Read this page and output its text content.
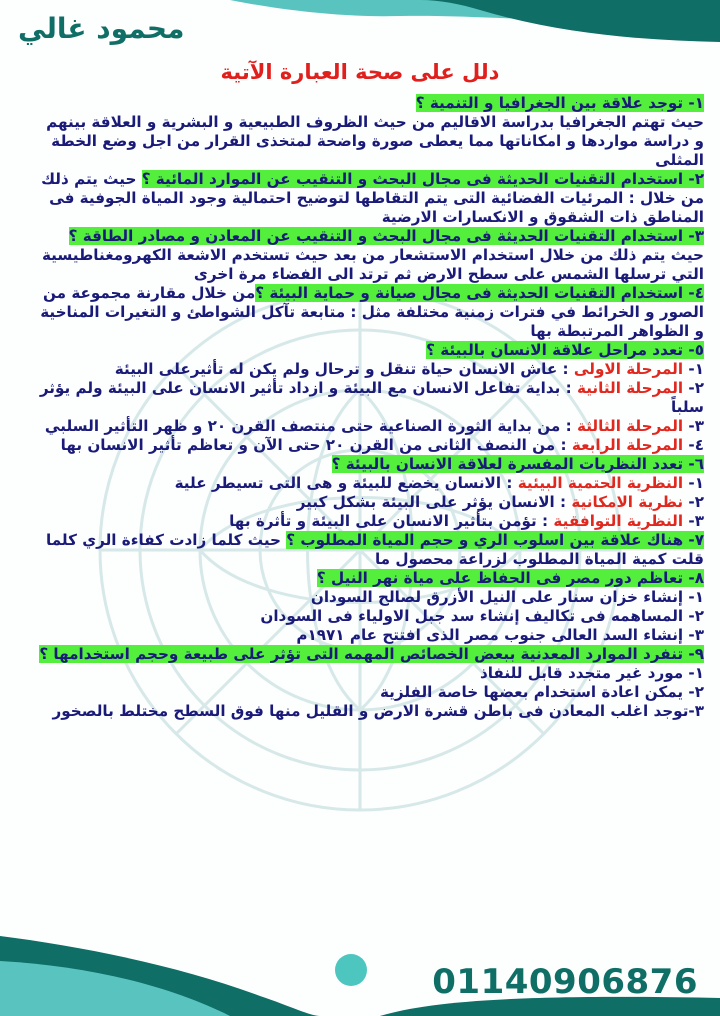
محمود غالي
دلل على صحة العبارة الآتية

١- توجد علاقة بين الجغرافيا و التنمية ؟

حيث تهتم الجغرافيا بدراسة الاقاليم من حيث الظروف الطبيعية و البشرية و العلاقة بينهم و دراسة مواردها و امكاناتها مما يعطى صورة واضحة لمتخذى القرار من اجل وضع الخطة المثلى

٢- استخدام التقنيات الحديثة فى مجال البحث و التنقيب عن الموارد المائية ؟ حيث يتم ذلك من خلال : المرئيات الفضائية التى يتم التقاطها لتوضيح احتمالية وجود المياة الجوفية فى المناطق ذات الشقوق و الانكسارات الارضية

٣- استخدام التقنيات الحديثة فى مجال البحث و التنقيب عن المعادن و مصادر الطاقة ؟ حيث يتم ذلك من خلال استخدام الاستشعار من بعد حيث تستخدم الاشعة الكهرومغناطيسية التي ترسلها الشمس على سطح الارض ثم ترتد الى الفضاء مرة اخرى

٤- استخدام التقنيات الحديثة فى مجال صيانة و حماية البيئة ؟من خلال مقارنة مجموعة من الصور و الخرائط في فترات زمنية مختلفة مثل : متابعة تآكل الشواطئ و التغيرات المناخية و الظواهر المرتبطة بها

٥- تعدد مراحل علاقة الانسان بالبيئة ؟

١- المرحلة الاولى : عاش الانسان حياة تنقل و ترحال ولم يكن له تأثيرعلى البيئة

٢- المرحلة الثانية : بداية تفاعل الانسان مع البيئة و ازداد تأثير الانسان على البيئة ولم يؤثر سلباً

٣- المرحلة الثالثة : من بداية الثورة الصناعية حتى منتصف القرن ٢٠ و ظهر التأثير السلبي

٤- المرحلة الرابعة : من النصف الثانى من القرن ٢٠ حتى الآن و تعاظم تأثير الانسان بها

٦- تعدد النظريات المفسرة لعلاقة الانسان بالبيئة ؟

١- النظرية الحتمية البيئية : الانسان يخضع للبيئة و هى التى تسيطر علية

٢- نظرية الامكانية : الانسان يؤثر على البيئة بشكل كبير

٣- النظرية التوافقية : تؤمن بتأثير الانسان على البيئة و تأثرة بها

٧- هناك علاقة بين اسلوب الري و حجم المياة المطلوب ؟ حيث كلما زادت كفاءة الري كلما قلت كمية المياة المطلوب لزراعة محصول ما

٨- تعاظم دور مصر فى الحفاظ على مياة نهر النيل ؟

١- إنشاء خزان سنار على النيل الأزرق لصالح السودان

٢- المساهمه فى تكاليف إنشاء سد جبل الاولياء فى السودان

٣- إنشاء السد العالى جنوب مصر الذى افتتح عام ١٩٧١م

٩- تنفرد الموارد المعدنية ببعض الخصائص المهمه التى تؤثر على طبيعة وحجم استخدامها ؟ ١- مورد غير متجدد قابل للنفاذ

٢- يمكن اعادة استخدام بعضها خاصة الفلزية

٣-توجد اغلب المعادن فى باطن قشرة الارض و القليل منها فوق السطح مختلط بالصخور

01140906876
